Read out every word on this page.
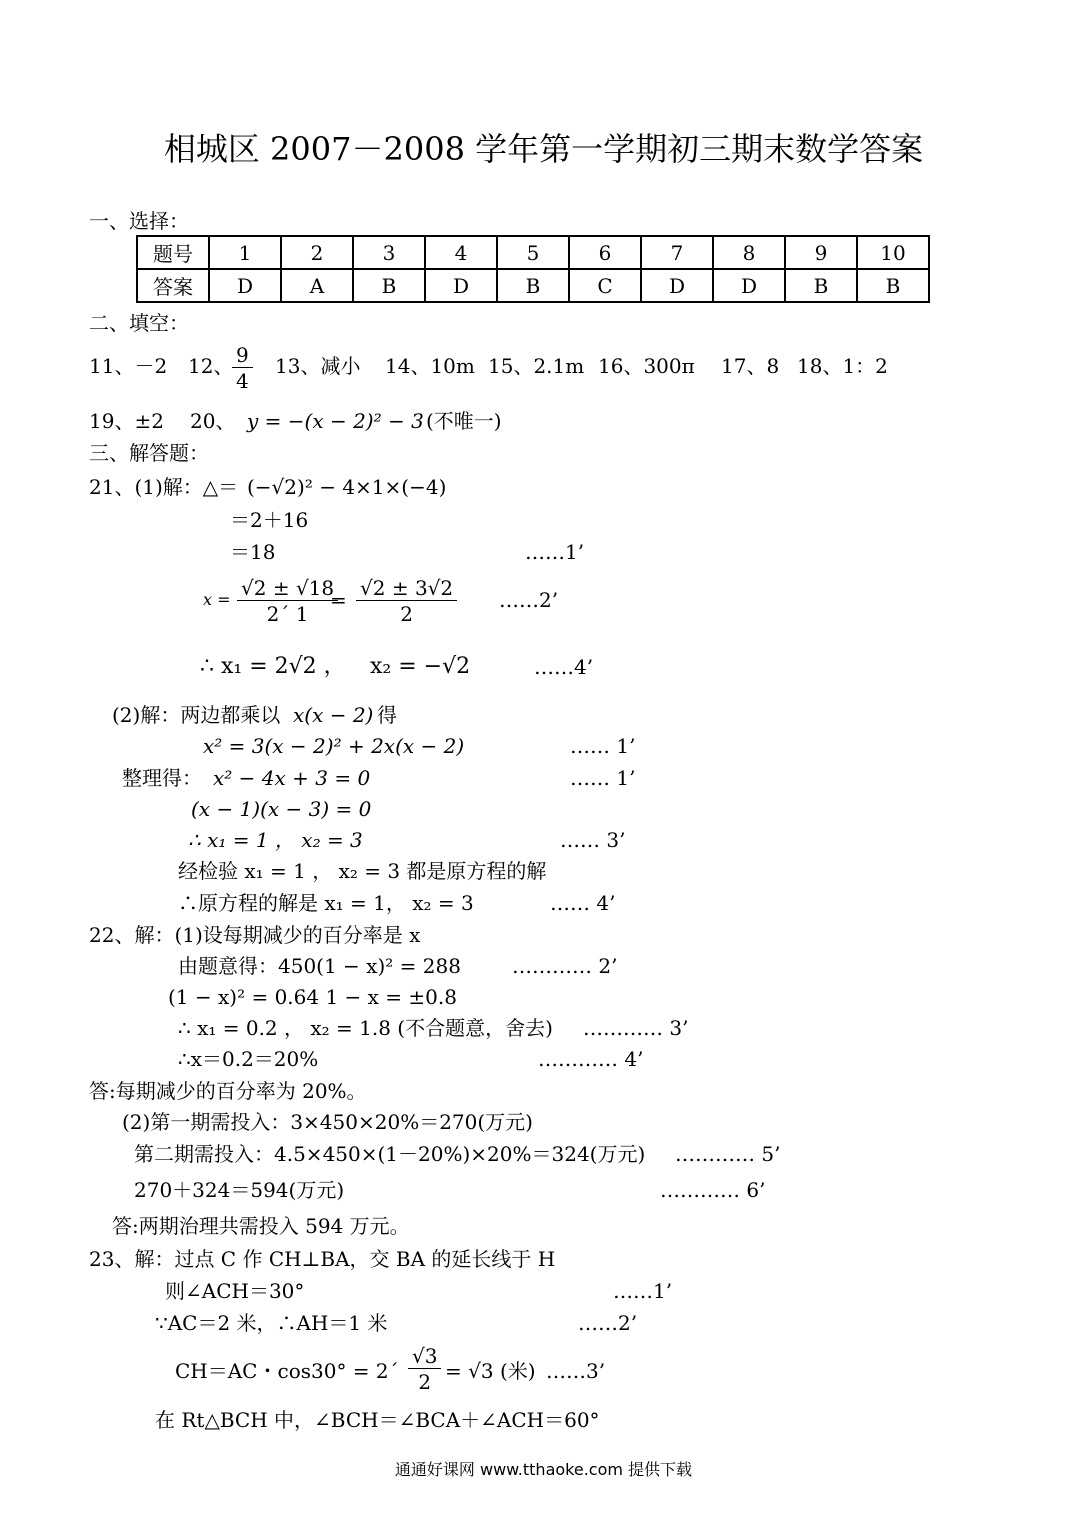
相城区 2007－2008 学年第一学期初三期末数学答案
一、选择：
题号	1	2	3	4	5	6	7	8	9	10
答案	D	A	B	D	B	C	D	D	B	B
二、填空：
11、－2 12、
$\frac{9}{4} 13$、减小 14、10m 15、2.1m 16、300π 17、8 18、1：2
19、±2 20、 y = −(x − 2)² − 3 (不唯一)
三、解答题：
21、(1)解：△＝ (−√2)² − 4×1×(−4)
＝2＋16
＝18	……1’
$x = \frac{√2 \pm √18}{2´ 1}$
= $\frac{√2 \pm 3√2}{2}$ ……2’
∴ x₁ = 2√2 ， x₂ = −√2	……4’
(2)解：两边都乘以 x(x − 2) 得
x² = 3(x − 2)² + 2x(x − 2)	…… 1’
整理得： x² − 4x + 3 = 0	…… 1’
(x − 1)(x − 3) = 0
∴ x₁ = 1 ， x₂ = 3	…… 3’
经检验 x₁ = 1 ， x₂ = 3 都是原方程的解
∴原方程的解是 x₁ = 1， x₂ = 3	…… 4’
22、解：(1)设每期减少的百分率是 x
由题意得：450(1 − x)² = 288	………… 2’
(1 − x)² = 0.64 1 − x = ±0.8
∴ x₁ = 0.2 ， x₂ = 1.8 (不合题意，舍去) ………… 3’
∴x＝0.2＝20%	………… 4’
答:每期减少的百分率为 20%。
(2)第一期需投入：3×450×20%＝270(万元)
第二期需投入：4.5×450×(1－20%)×20%＝324(万元) ………… 5’
270＋324＝594(万元)	………… 6’
答:两期治理共需投入 594 万元。
23、解：过点 C 作 CH⊥BA，交 BA 的延长线于 H
则∠ACH＝30°	……1’
∵AC＝2 米，∴AH＝1 米	……2’
CH＝AC・cos30° = 2´ $\frac{√3}{2} = √3$ (米) ……3’
在 Rt△BCH 中，∠BCH＝∠BCA＋∠ACH＝60°
通通好课网 www.tthaoke.com 提供下载
